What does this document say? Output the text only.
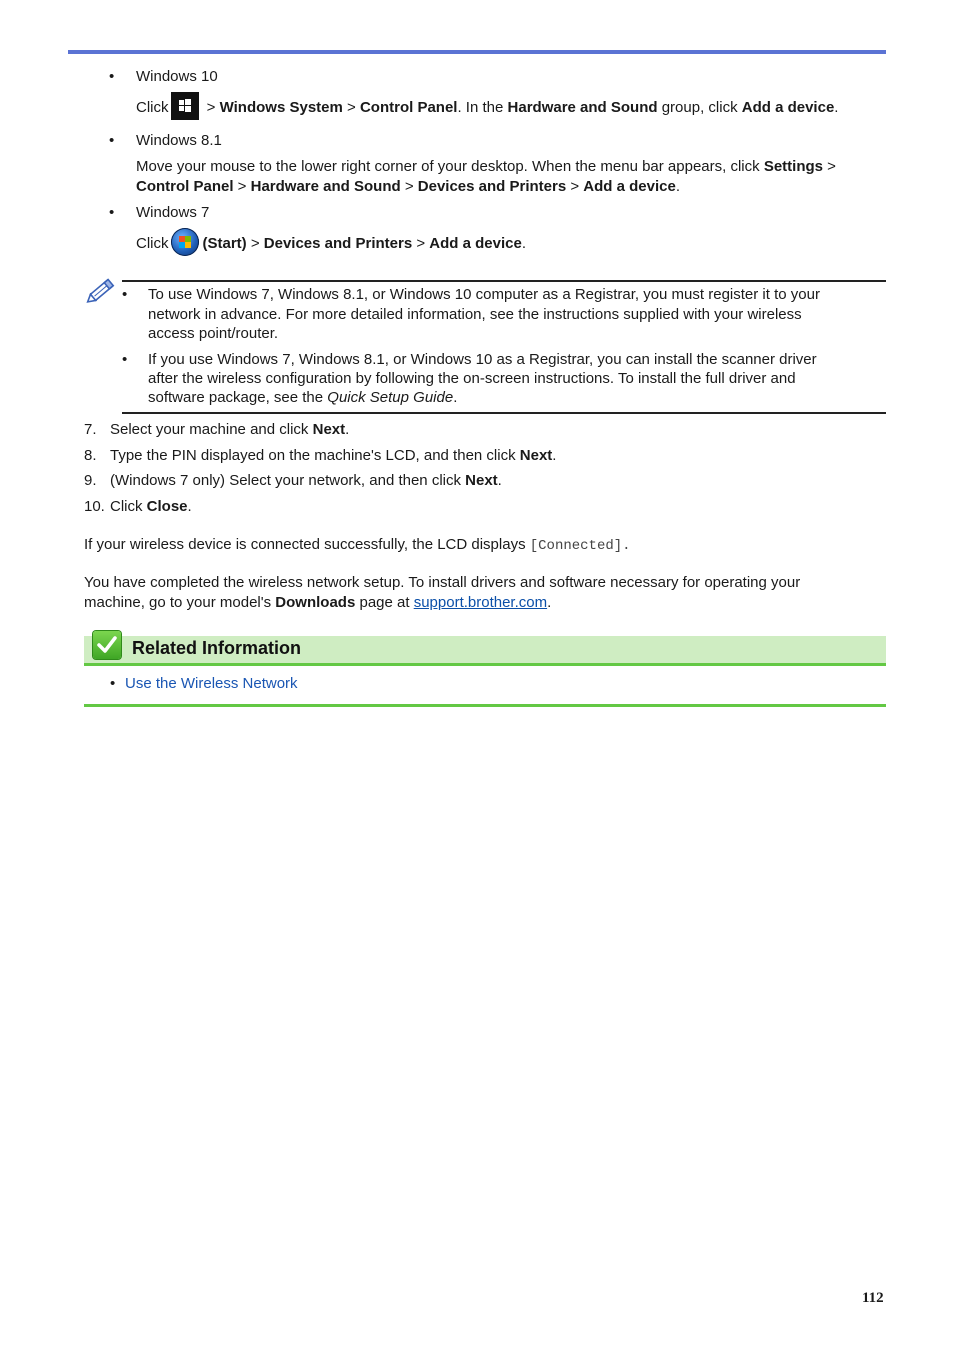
• Windows 10
Click
> Windows System > Control Panel. In the Hardware and Sound group, click Add a device.
• Windows 8.1
Move your mouse to the lower right corner of your desktop. When the menu bar appears, click Settings >
Control Panel > Hardware and Sound > Devices and Printers > Add a device.
• Windows 7
Click (Start) > Devices and Printers > Add a device.
• To use Windows 7, Windows 8.1, or Windows 10 computer as a Registrar, you must register it to your
network in advance. For more detailed information, see the instructions supplied with your wireless
access point/router.
• If you use Windows 7, Windows 8.1, or Windows 10 as a Registrar, you can install the scanner driver
after the wireless configuration by following the on-screen instructions. To install the full driver and
software package, see the Quick Setup Guide.
7. Select your machine and click Next.
8. Type the PIN displayed on the machine's LCD, and then click Next.
9. (Windows 7 only) Select your network, and then click Next.
10. Click Close.
If your wireless device is connected successfully, the LCD displays [Connected].
You have completed the wireless network setup. To install drivers and software necessary for operating your
machine, go to your model's Downloads page at support.brother.com.
Related Information
• Use the Wireless Network
112
